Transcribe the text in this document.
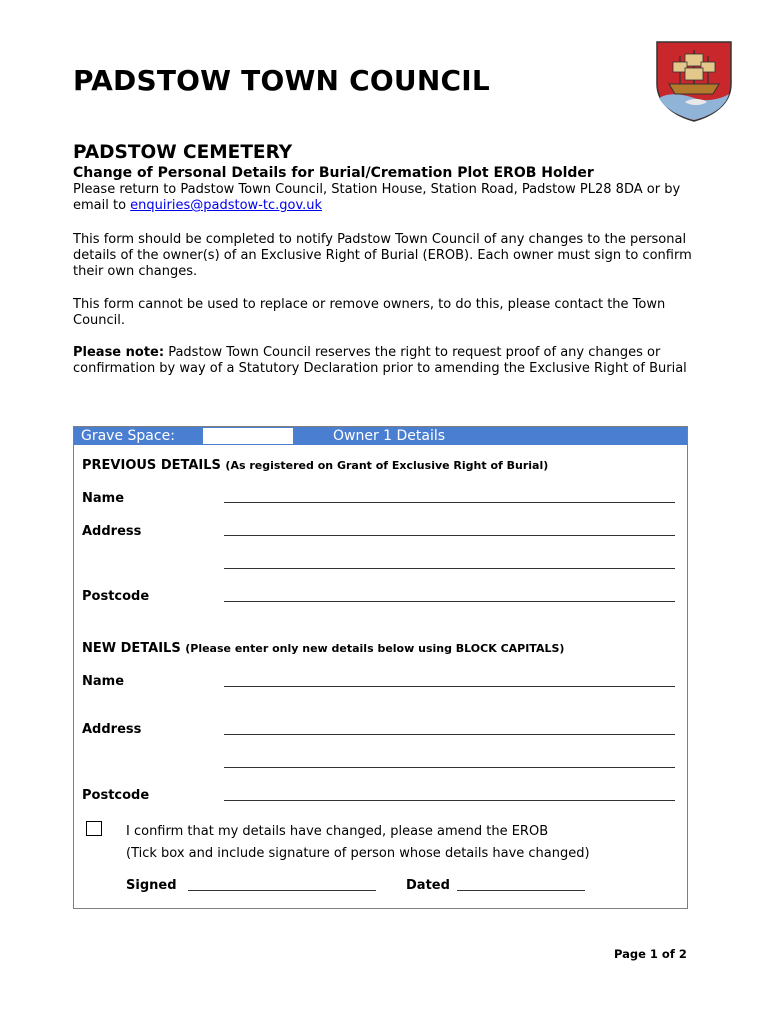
PADSTOW TOWN COUNCIL
PADSTOW CEMETERY
Change of Personal Details for Burial/Cremation Plot EROB Holder
Please return to Padstow Town Council, Station House, Station Road, Padstow PL28 8DA or by email to enquiries@padstow-tc.gov.uk
This form should be completed to notify Padstow Town Council of any changes to the personal details of the owner(s) of an Exclusive Right of Burial (EROB). Each owner must sign to confirm their own changes.
This form cannot be used to replace or remove owners, to do this, please contact the Town Council.
Please note: Padstow Town Council reserves the right to request proof of any changes or confirmation by way of a Statutory Declaration prior to amending the Exclusive Right of Burial
Grave Space:	Owner 1 Details
PREVIOUS DETAILS (As registered on Grant of Exclusive Right of Burial)
Name
Address
Postcode
NEW DETAILS (Please enter only new details below using BLOCK CAPITALS)
Name
Address
Postcode
I confirm that my details have changed, please amend the EROB
(Tick box and include signature of person whose details have changed)
Signed	Dated
Page 1 of 2
